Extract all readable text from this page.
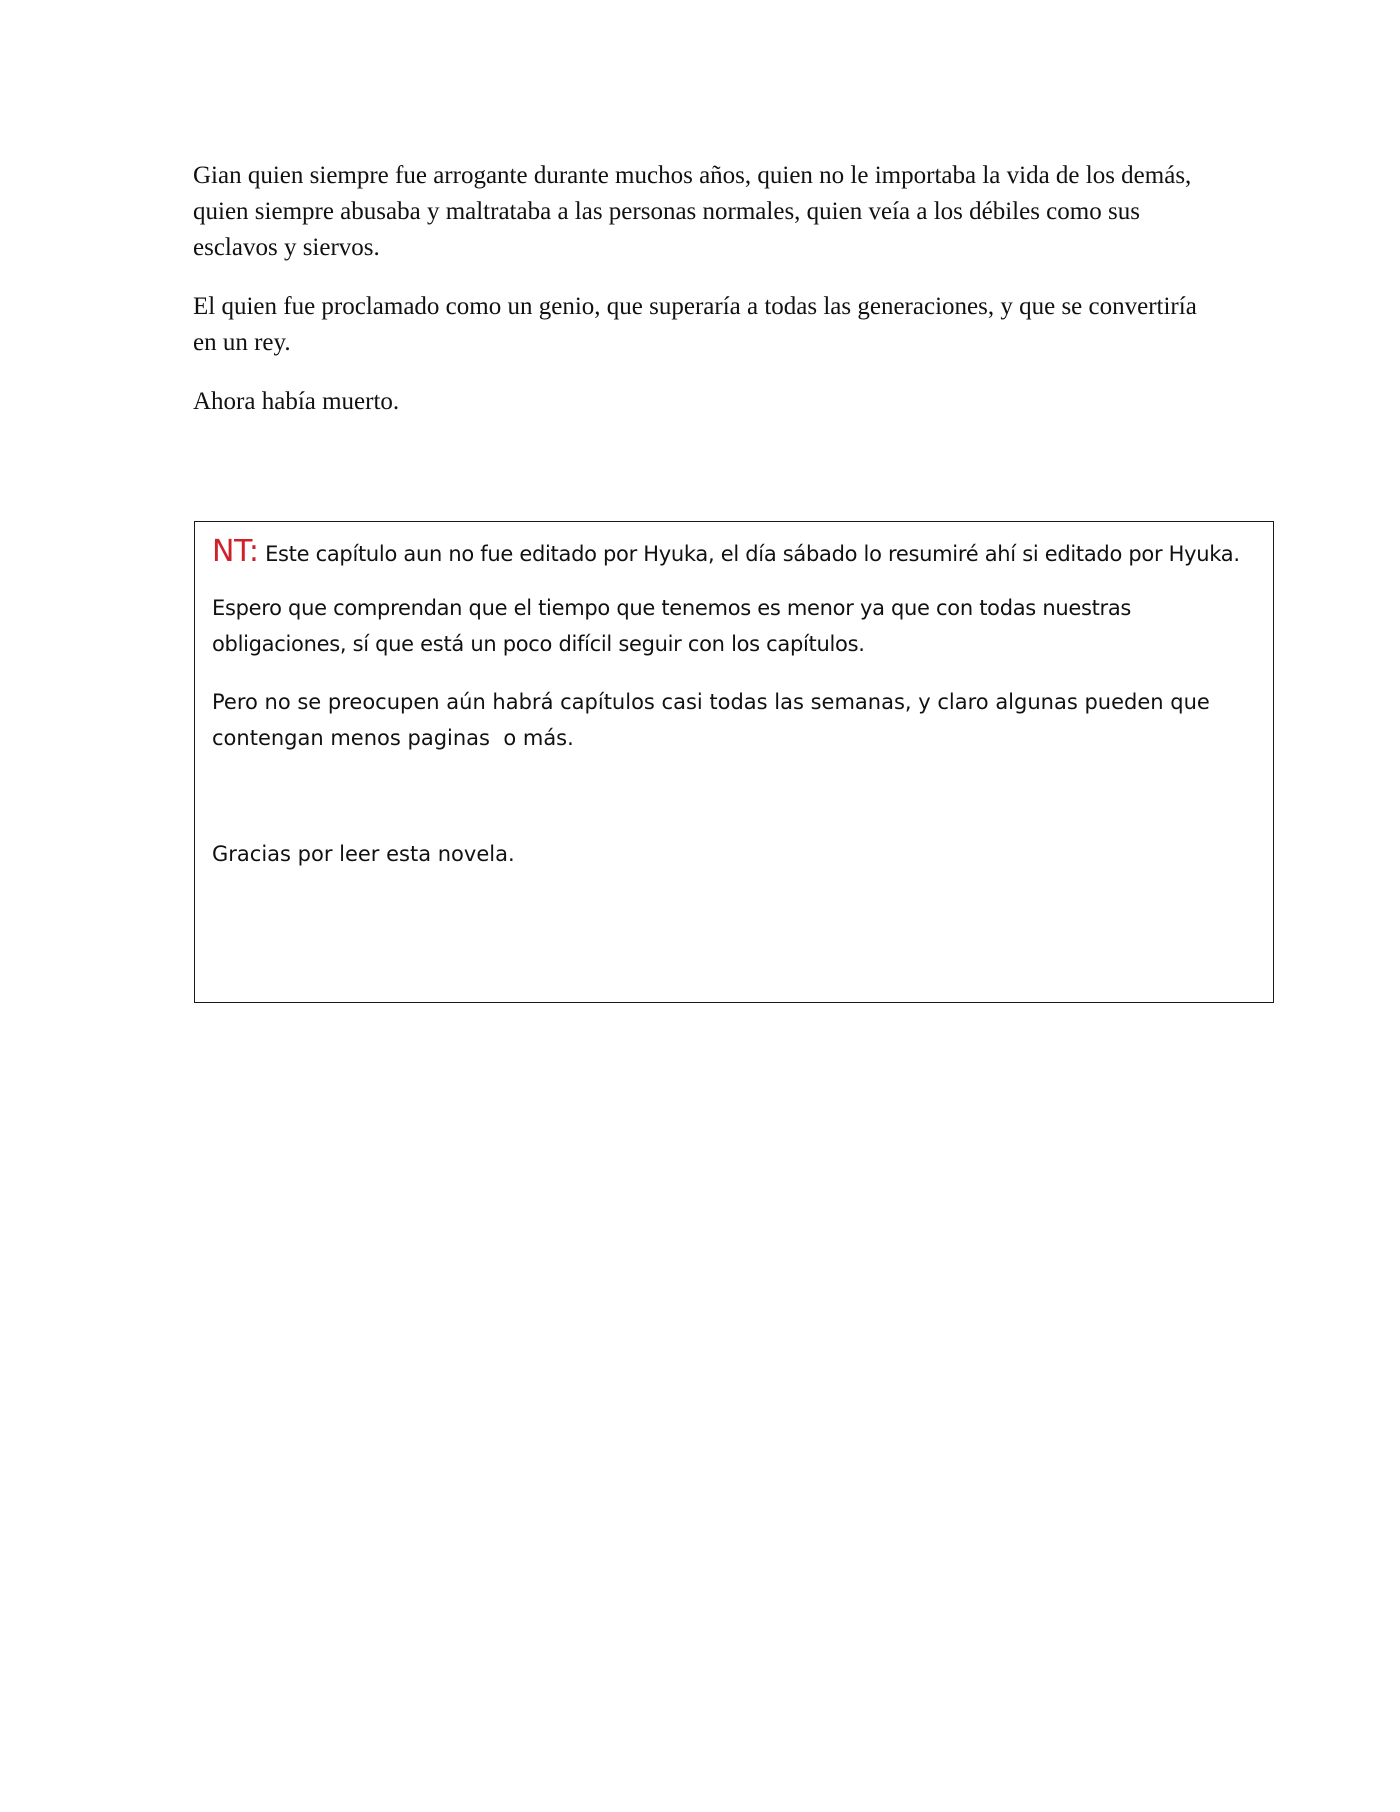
Gian quien siempre fue arrogante durante muchos años, quien no le importaba la vida de los demás, quien siempre abusaba y maltrataba a las personas normales, quien veía a los débiles como sus esclavos y siervos.

El quien fue proclamado como un genio, que superaría a todas las generaciones, y que se convertiría en un rey.

Ahora había muerto.

NT: Este capítulo aun no fue editado por Hyuka, el día sábado lo resumiré ahí si editado por Hyuka.

Espero que comprendan que el tiempo que tenemos es menor ya que con todas nuestras obligaciones, sí que está un poco difícil seguir con los capítulos.

Pero no se preocupen aún habrá capítulos casi todas las semanas, y claro algunas pueden que contengan menos paginas  o más.

Gracias por leer esta novela.
